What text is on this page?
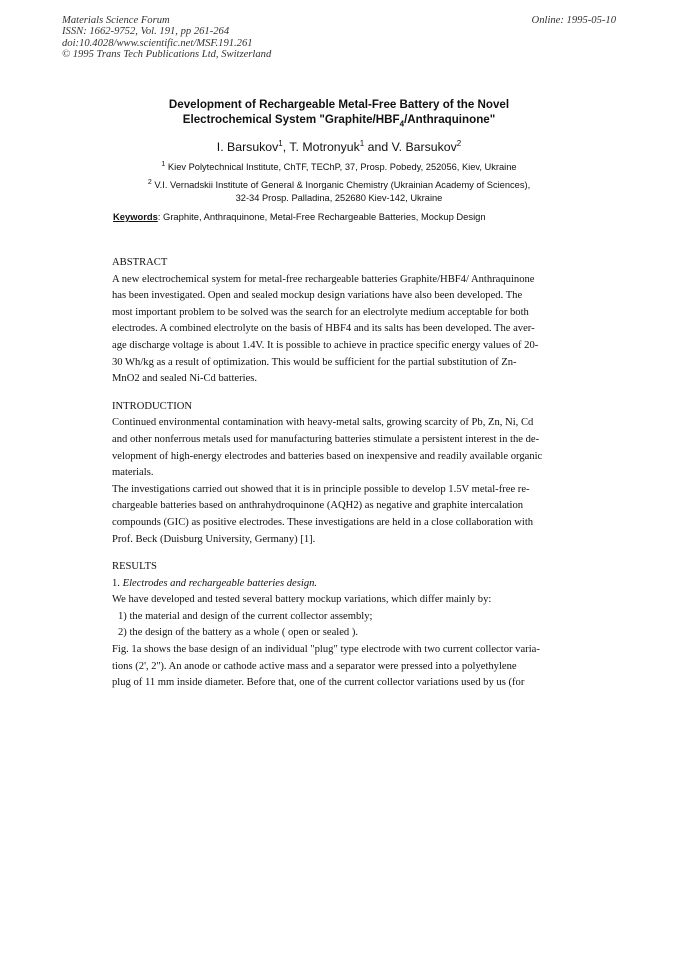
Materials Science Forum
ISSN: 1662-9752, Vol. 191, pp 261-264
doi:10.4028/www.scientific.net/MSF.191.261
© 1995 Trans Tech Publications Ltd, Switzerland
Online: 1995-05-10
Development of Rechargeable Metal-Free Battery of the Novel
Electrochemical System "$Graphite/HBF_4$/Anthraquinone"
I. Barsukov$^1$, T. Motronyuk$^1$ and V. Barsukov$^2$
$^1$ Kiev Polytechnical Institute, ChTF, TEChP, 37, Prosp. Pobedy, 252056, Kiev, Ukraine
$^2$ V.I. Vernadskii Institute of General & Inorganic Chemistry (Ukrainian Academy of Sciences),
32-34 Prosp. Palladina, 252680 Kiev-142, Ukraine
Keywords: Graphite, Anthraquinone, Metal-Free Rechargeable Batteries, Mockup Design

ABSTRACT

A new electrochemical system for metal-free rechargeable batteries Graphite/HBF4/ Anthraquinone

has been investigated. Open and sealed mockup design variations have also been developed. The

most important problem to be solved was the search for an electrolyte medium acceptable for both

electrodes. A combined electrolyte on the basis of HBF4 and its salts has been developed. The aver-

age discharge voltage is about 1.4V. It is possible to achieve in practice specific energy values of 20-

30 Wh/kg as a result of optimization. This would be sufficient for the partial substitution of Zn-

MnO2 and sealed Ni-Cd batteries.

INTRODUCTION

Continued environmental contamination with heavy-metal salts, growing scarcity of Pb, Zn, Ni, Cd

and other nonferrous metals used for manufacturing batteries stimulate a persistent interest in the de-

velopment of high-energy electrodes and batteries based on inexpensive and readily available organic

materials.

The investigations carried out showed that it is in principle possible to develop 1.5V metal-free re-

chargeable batteries based on anthrahydroquinone (AQH2) as negative and graphite intercalation

compounds (GIC) as positive electrodes. These investigations are held in a close collaboration with

Prof. Beck (Duisburg University, Germany) [1].

RESULTS

1. Electrodes and rechargeable batteries design.

We have developed and tested several battery mockup variations, which differ mainly by:

1) the material and design of the current collector assembly;

2) the design of the battery as a whole ( open or sealed ).

Fig. 1a shows the base design of an individual "plug" type electrode with two current collector varia-

tions (2', 2''). An anode or cathode active mass and a separator were pressed into a polyethylene

plug of 11 mm inside diameter. Before that, one of the current collector variations used by us (for
